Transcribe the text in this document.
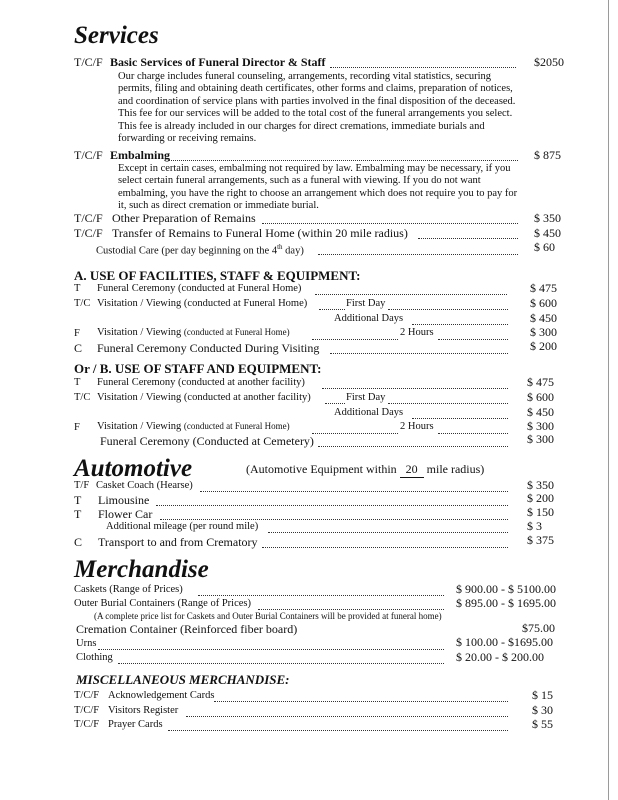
Services
T/C/F Basic Services of Funeral Director & Staff	$2050
Our charge includes funeral counseling, arrangements, recording vital statistics, securing permits, filing and obtaining death certificates, other forms and claims, preparation of notices, and coordination of service plans with parties involved in the final disposition of the deceased. This fee for our services will be added to the total cost of the funeral arrangements you select. This fee is already included in our charges for direct cremations, immediate burials and forwarding or receiving remains.
T/C/F Embalming	$ 875
Except in certain cases, embalming not required by law. Embalming may be necessary, if you select certain funeral arrangements, such as a funeral with viewing. If you do not want embalming, you have the right to choose an arrangement which does not require you to pay for it, such as direct cremation or immediate burial.
T/C/F Other Preparation of Remains	$ 350
T/C/F Transfer of Remains to Funeral Home (within 20 mile radius)	$ 450
Custodial Care (per day beginning on the 4th day)	$ 60
A. USE OF FACILITIES, STAFF & EQUIPMENT:
T Funeral Ceremony (conducted at Funeral Home)	$ 475
T/C Visitation / Viewing (conducted at Funeral Home)	First Day	$ 600
Additional Days	$ 450
F Visitation / Viewing (conducted at Funeral Home)	2 Hours	$ 300
C Funeral Ceremony Conducted During Visiting	$ 200
Or / B. USE OF STAFF AND EQUIPMENT:
T Funeral Ceremony (conducted at another facility)	$ 475
T/C Visitation / Viewing (conducted at another facility)	First Day	$ 600
Additional Days	$ 450
F Visitation / Viewing (conducted at Funeral Home)	2 Hours	$ 300
Funeral Ceremony (Conducted at Cemetery)	$ 300
Automotive	(Automotive Equipment within 20 mile radius)
T/F Casket Coach (Hearse)	$ 350
T Limousine	$ 200
T Flower Car	$ 150
Additional mileage (per round mile)	$ 3
C Transport to and from Crematory	$ 375
Merchandise
Caskets (Range of Prices)	$ 900.00 - $ 5100.00
Outer Burial Containers (Range of Prices)	$ 895.00 - $ 1695.00
(A complete price list for Caskets and Outer Burial Containers will be provided at funeral home)
Cremation Container (Reinforced fiber board)	$75.00
Urns	$ 100.00 - $1695.00
Clothing	$ 20.00 - $ 200.00
MISCELLANEOUS MERCHANDISE:
T/C/F Acknowledgement Cards	$ 15
T/C/F Visitors Register	$ 30
T/C/F Prayer Cards	$ 55
